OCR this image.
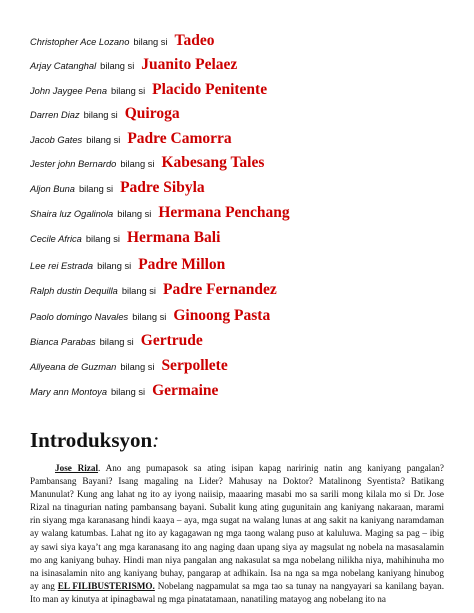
Christopher Ace Lozano bilang si Tadeo
Arjay Catanghal bilang si Juanito Pelaez
John Jaygee Pena bilang si Placido Penitente
Darren Diaz bilang si Quiroga
Jacob Gates bilang si Padre Camorra
Jester john Bernardo bilang si Kabesang Tales
Aljon Buna bilang si Padre Sibyla
Shaira luz Ogalinola bilang si Hermana Penchang
Cecile Africa bilang si Hermana Bali
Lee rei Estrada bilang si Padre Millon
Ralph dustin Dequilla bilang si Padre Fernandez
Paolo domingo Navales bilang si Ginoong Pasta
Bianca Parabas bilang si Gertrude
Allyeana de Guzman bilang si Serpollete
Mary ann Montoya bilang si Germaine
Introduksyon:

Jose Rizal. Ano ang pumapasok sa ating isipan kapag naririnig natin ang kaniyang pangalan? Pambansang Bayani? Isang magaling na Lider? Mahusay na Doktor? Matalinong Syentista? Batikang Manunulat? Kung ang lahat ng ito ay iyong naiisip, maaaring masabi mo sa sarili mong kilala mo si Dr. Jose Rizal na tinagurian nating pambansang bayani. Subalit kung ating gugunitain ang kaniyang nakaraan, marami rin siyang mga karanasang hindi kaaya – aya, mga sugat na walang lunas at ang sakit na kaniyang naramdaman ay walang katumbas. Lahat ng ito ay kagagawan ng mga taong walang puso at kaluluwa. Maging sa pag – ibig ay sawi siya kaya’t ang mga karanasang ito ang naging daan upang siya ay magsulat ng nobela na masasalamin mo ang kaniyang buhay. Hindi man niya pangalan ang nakasulat sa mga nobelang nilikha niya, mahihinuha mo na isinasalamin nito ang kaniyang buhay, pangarap at adhikain. Isa na nga sa mga nobelang kaniyang hinubog ay ang EL FILIBUSTERISMO. Nobelang nagpamulat sa mga tao sa tunay na nangyayari sa kanilang bayan. Ito man ay kinutya at ipinagbawal ng mga pinatatamaan, nanatiling matayog ang nobelang ito na
